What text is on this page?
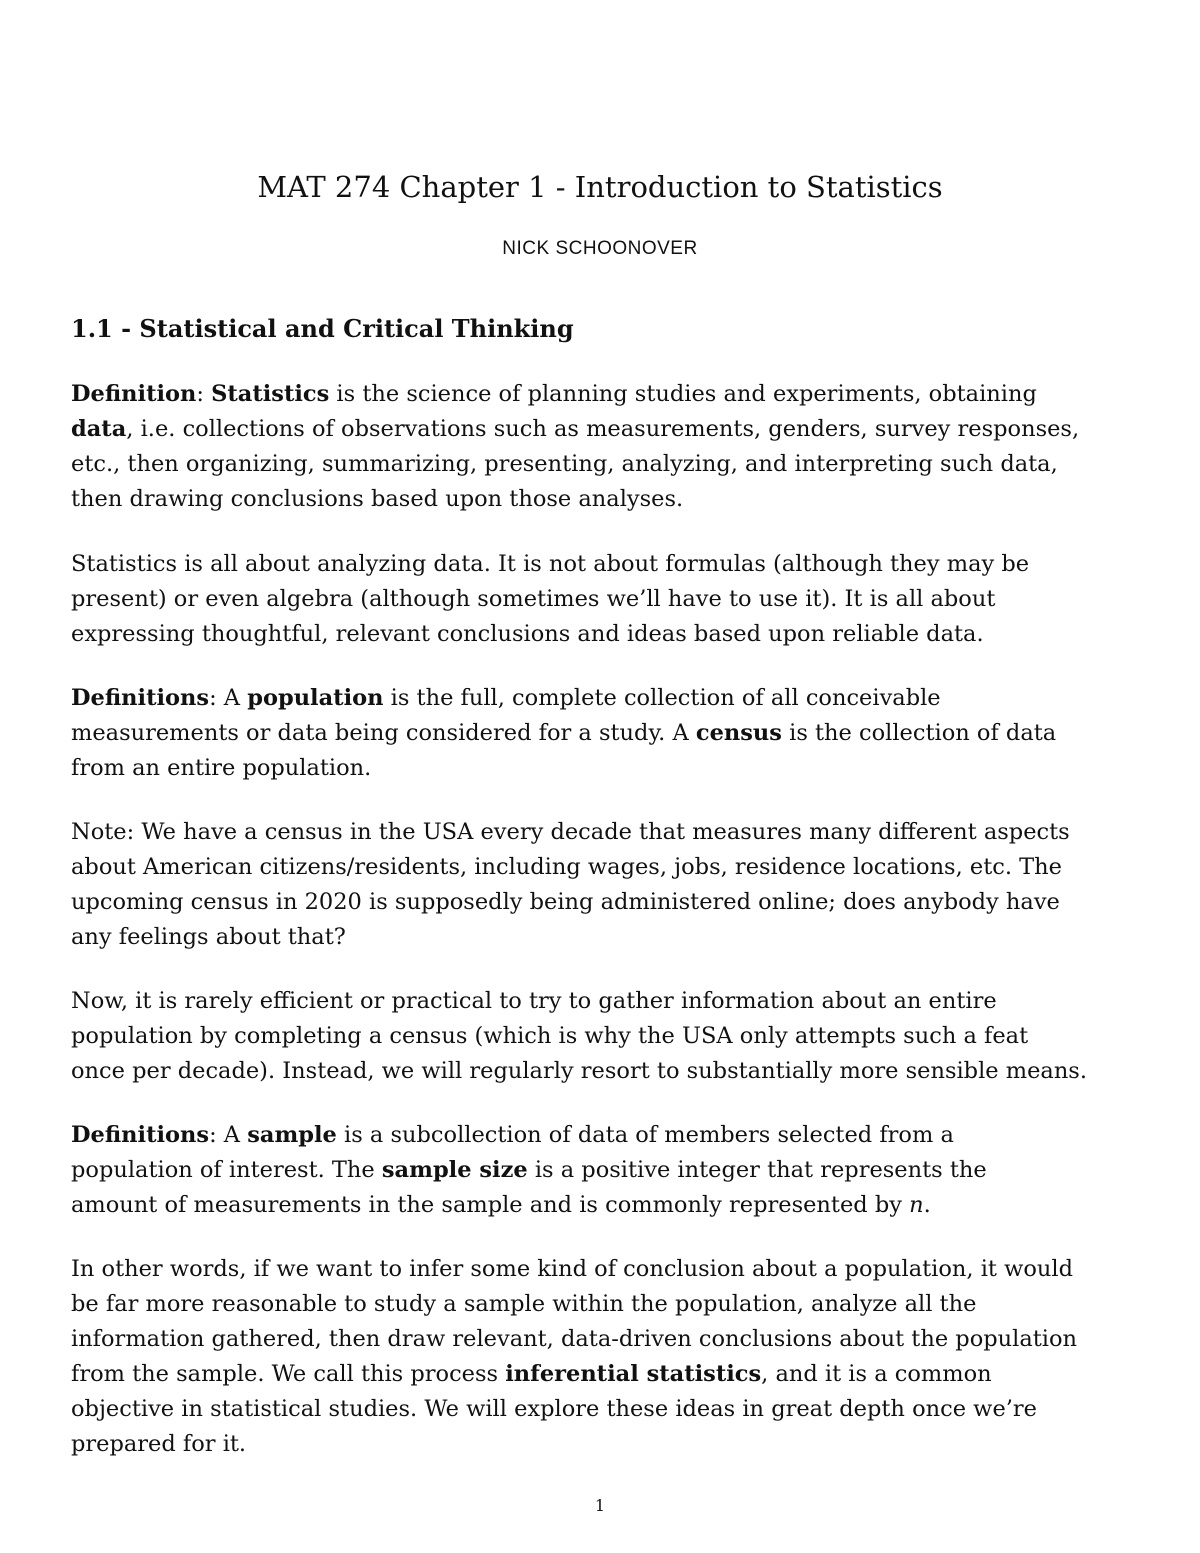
MAT 274 Chapter 1 - Introduction to Statistics

NICK SCHOONOVER

1.1 - Statistical and Critical Thinking
Definition: Statistics is the science of planning studies and experiments, obtaining
data, i.e. collections of observations such as measurements, genders, survey responses,
etc., then organizing, summarizing, presenting, analyzing, and interpreting such data,
then drawing conclusions based upon those analyses.
Statistics is all about analyzing data. It is not about formulas (although they may be
present) or even algebra (although sometimes we’ll have to use it). It is all about
expressing thoughtful, relevant conclusions and ideas based upon reliable data.
Definitions: A population is the full, complete collection of all conceivable
measurements or data being considered for a study. A census is the collection of data
from an entire population.
Note: We have a census in the USA every decade that measures many different aspects
about American citizens/residents, including wages, jobs, residence locations, etc. The
upcoming census in 2020 is supposedly being administered online; does anybody have
any feelings about that?
Now, it is rarely efficient or practical to try to gather information about an entire
population by completing a census (which is why the USA only attempts such a feat
once per decade). Instead, we will regularly resort to substantially more sensible means.
Definitions: A sample is a subcollection of data of members selected from a
population of interest. The sample size is a positive integer that represents the
amount of measurements in the sample and is commonly represented by n.
In other words, if we want to infer some kind of conclusion about a population, it would
be far more reasonable to study a sample within the population, analyze all the
information gathered, then draw relevant, data-driven conclusions about the population
from the sample. We call this process inferential statistics, and it is a common
objective in statistical studies. We will explore these ideas in great depth once we’re
prepared for it.

1
